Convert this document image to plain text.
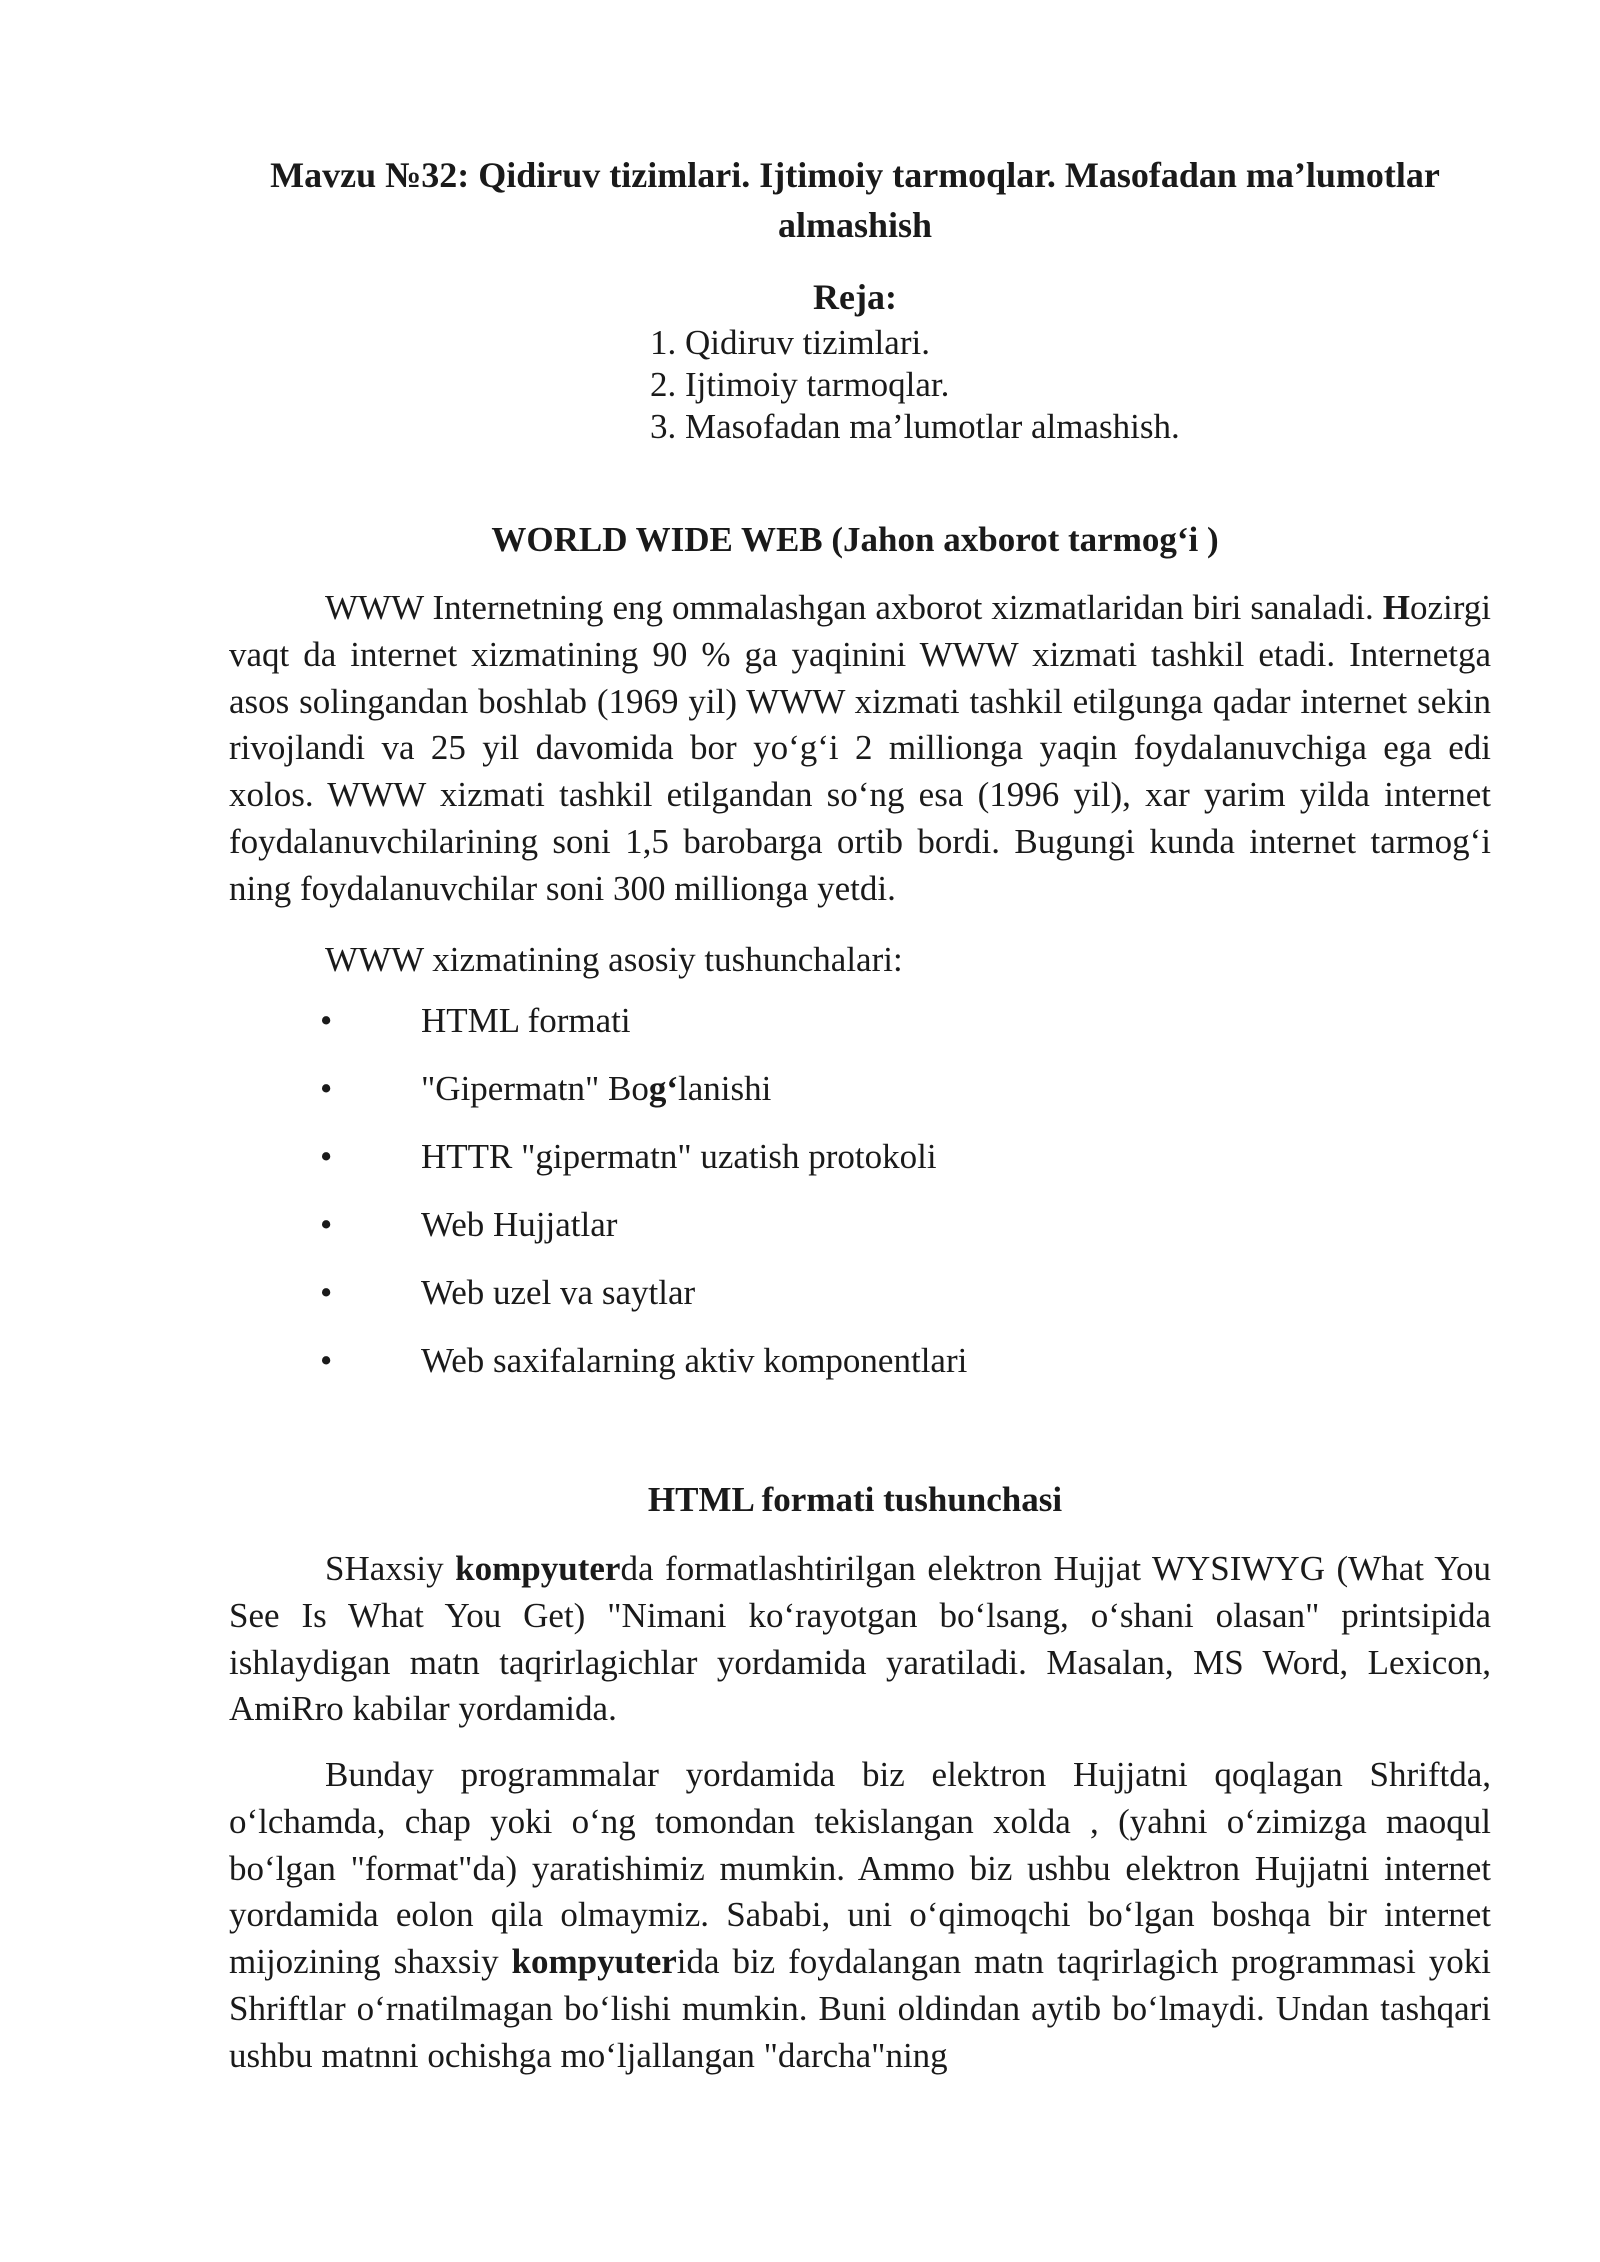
Mavzu №32: Qidiruv tizimlari. Ijtimoiy tarmoqlar. Masofadan ma’lumotlar almashish
Reja:
1. Qidiruv tizimlari.
2. Ijtimoiy tarmoqlar.
3. Masofadan ma’lumotlar almashish.
WORLD WIDE WEB (Jahon axborot tarmog‘i )

WWW Internetning eng ommalashgan axborot xizmatlaridan biri sanaladi. Hozirgi vaqt da internet xizmatining 90 % ga yaqinini WWW xizmati tashkil etadi. Internetga asos solingandan boshlab (1969 yil) WWW xizmati tashkil etilgunga qadar internet sekin rivojlandi va 25 yil davomida bor yo‘g‘i 2 millionga yaqin foydalanuvchiga ega edi xolos. WWW xizmati tashkil etilgandan so‘ng esa (1996 yil), xar yarim yilda internet foydalanuvchilarining soni 1,5 barobarga ortib bordi. Bugungi kunda internet tarmog‘i ning foydalanuvchilar soni 300 millionga yetdi.

WWW xizmatining asosiy tushunchalari:
•	HTML formati
•	"Gipermatn" Bog‘lanishi
•	HTTR "gipermatn" uzatish protokoli
•	Web Hujjatlar
•	Web uzel va saytlar
•	Web saxifalarning aktiv komponentlari
HTML formati tushunchasi

SHaxsiy kompyuterda formatlashtirilgan elektron Hujjat WYSIWYG (What You See Is What You Get) "Nimani ko‘rayotgan bo‘lsang, o‘shani olasan" printsipida ishlaydigan matn taqrirlagichlar yordamida yaratiladi. Masalan, MS Word, Lexicon, AmiRro kabilar yordamida.

Bunday programmalar yordamida biz elektron Hujjatni qoqlagan Shriftda, o‘lchamda, chap yoki o‘ng tomondan tekislangan xolda , (yahni o‘zimizga maoqul bo‘lgan "format"da) yaratishimiz mumkin. Ammo biz ushbu elektron Hujjatni internet yordamida eolon qila olmaymiz. Sababi, uni o‘qimoqchi bo‘lgan boshqa bir internet mijozining shaxsiy kompyuterida biz foydalangan matn taqrirlagich programmasi yoki Shriftlar o‘rnatilmagan bo‘lishi mumkin. Buni oldindan aytib bo‘lmaydi. Undan tashqari ushbu matnni ochishga mo‘ljallangan "darcha"ning
